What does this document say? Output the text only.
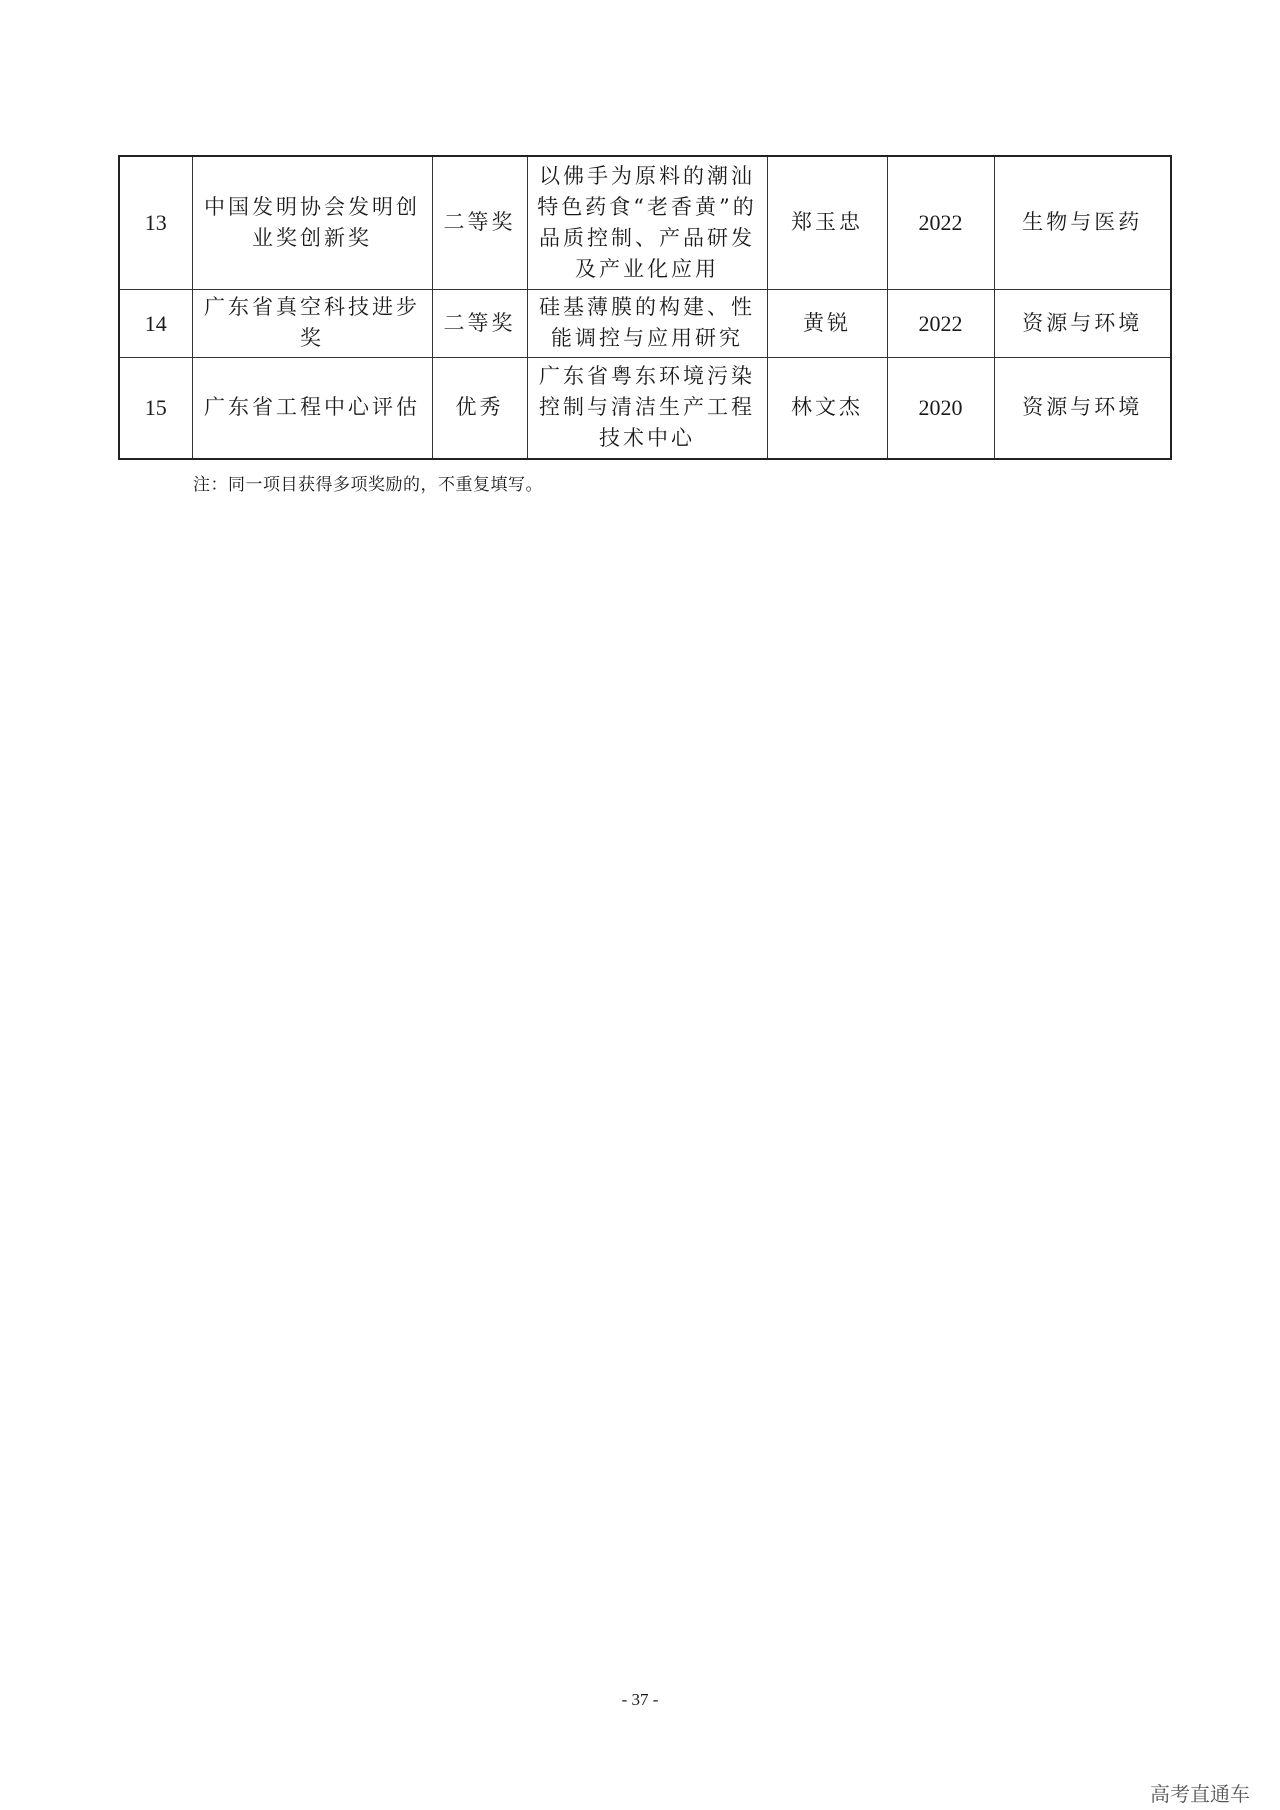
13	中国发明协会发明创业奖创新奖	二等奖	以佛手为原料的潮汕特色药食“老香黄”的品质控制、产品研发及产业化应用	郑玉忠	2022	生物与医药
14	广东省真空科技进步奖	二等奖	硅基薄膜的构建、性能调控与应用研究	黄锐	2022	资源与环境
15	广东省工程中心评估	优秀	广东省粤东环境污染控制与清洁生产工程技术中心	林文杰	2020	资源与环境
注：同一项目获得多项奖励的，不重复填写。
- 37 -
高考直通车
